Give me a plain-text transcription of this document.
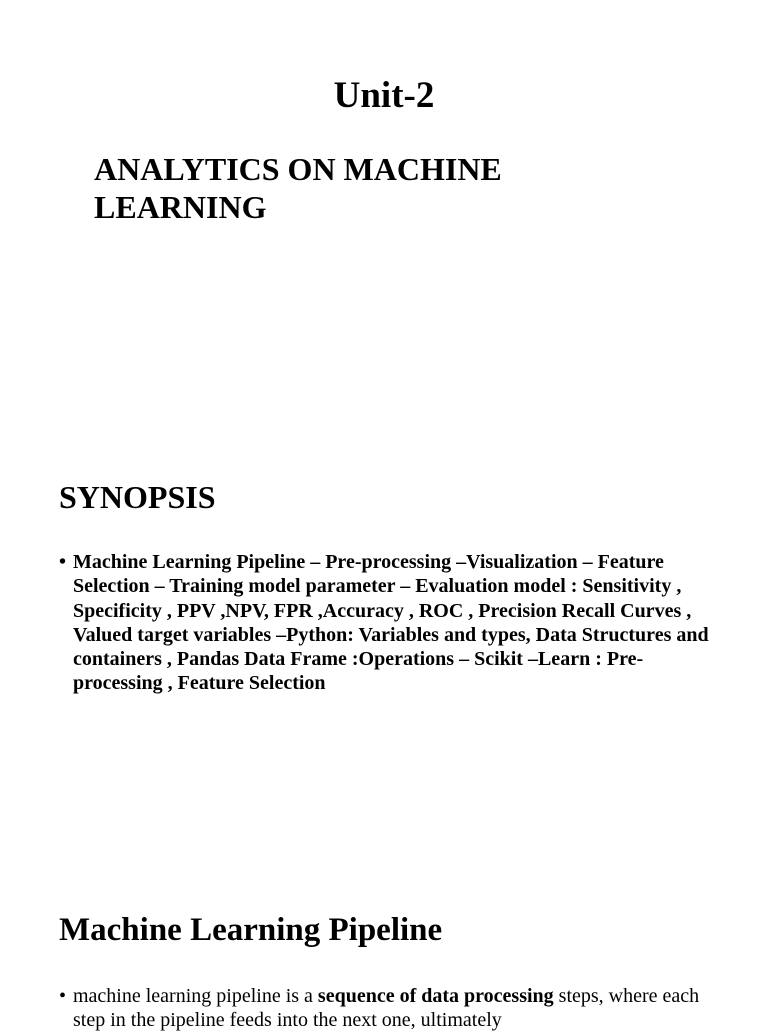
Unit-2
ANALYTICS ON MACHINE LEARNING
SYNOPSIS
• Machine Learning Pipeline – Pre-processing –Visualization – Feature Selection – Training model parameter – Evaluation model : Sensitivity , Specificity , PPV ,NPV, FPR ,Accuracy , ROC , Precision Recall Curves , Valued target variables –Python: Variables and types, Data Structures and containers , Pandas Data Frame :Operations – Scikit –Learn : Pre-processing , Feature Selection
Machine Learning Pipeline
• machine learning pipeline is a sequence of data processing steps, where each step in the pipeline feeds into the next one, ultimately
